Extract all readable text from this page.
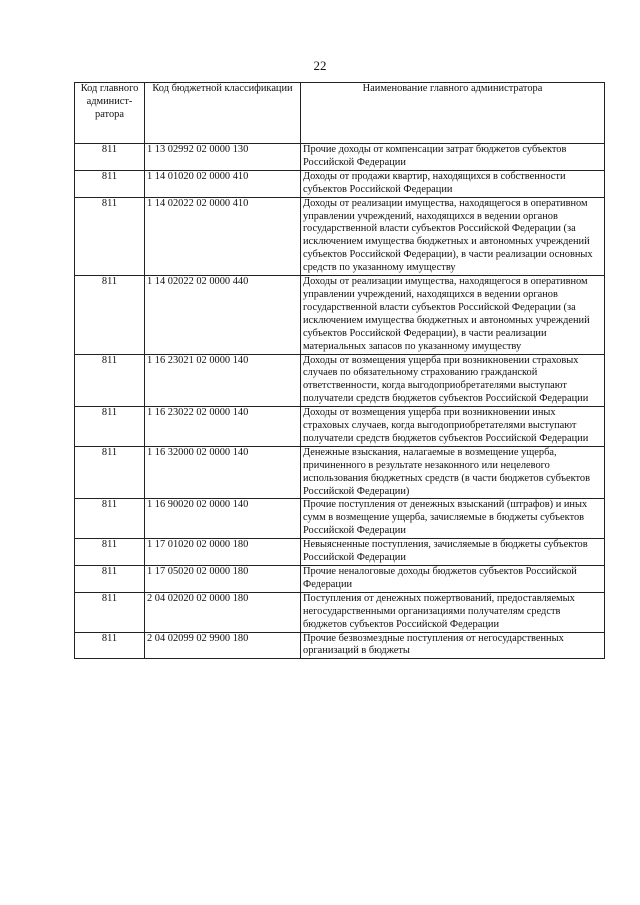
22
Код главного админист-ратора	Код бюджетной классификации	Наименование главного администратора
811	1 13 02992 02 0000 130	Прочие доходы от компенсации затрат бюджетов субъектов Российской Федерации
811	1 14 01020 02 0000 410	Доходы от продажи квартир, находящихся в собственности субъектов Российской Федерации
811	1 14 02022 02 0000 410	Доходы от реализации имущества, находящегося в оперативном управлении учреждений, находящихся в ведении органов государственной власти субъектов Российской Федерации (за исключением имущества бюджетных и автономных учреждений субъектов Российской Федерации), в части реализации основных средств по указанному имуществу
811	1 14 02022 02 0000 440	Доходы от реализации имущества, находящегося в оперативном управлении учреждений, находящихся в ведении органов государственной власти субъектов Российской Федерации (за исключением имущества бюджетных и автономных учреждений субъектов Российской Федерации), в части реализации материальных запасов по указанному имуществу
811	1 16 23021 02 0000 140	Доходы от возмещения ущерба при возникновении страховых случаев по обязательному страхованию гражданской ответственности, когда выгодоприобретателями выступают получатели средств бюджетов субъектов Российской Федерации
811	1 16 23022 02 0000 140	Доходы от возмещения ущерба при возникновении иных страховых случаев, когда выгодоприобретателями выступают получатели средств бюджетов субъектов Российской Федерации
811	1 16 32000 02 0000 140	Денежные взыскания, налагаемые в возмещение ущерба, причиненного в результате незаконного или нецелевого использования бюджетных средств (в части бюджетов субъектов Российской Федерации)
811	1 16 90020 02 0000 140	Прочие поступления от денежных взысканий (штрафов) и иных сумм в возмещение ущерба, зачисляемые в бюджеты субъектов Российской Федерации
811	1 17 01020 02 0000 180	Невыясненные поступления, зачисляемые в бюджеты субъектов Российской Федерации
811	1 17 05020 02 0000 180	Прочие неналоговые доходы бюджетов субъектов Российской Федерации
811	2 04 02020 02 0000 180	Поступления от денежных пожертвований, предоставляемых негосударственными организациями получателям средств бюджетов субъектов Российской Федерации
811	2 04 02099 02 9900 180	Прочие безвозмездные поступления от негосударственных организаций в бюджеты
